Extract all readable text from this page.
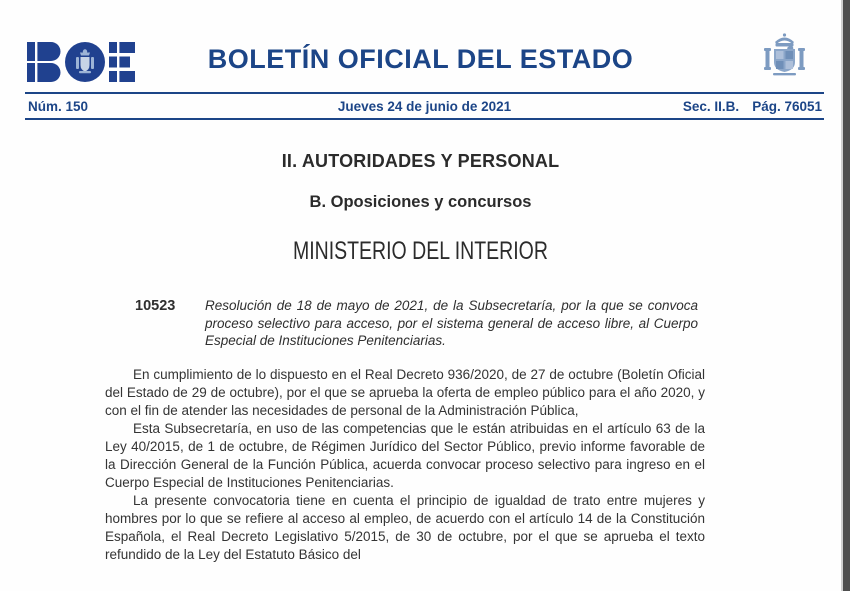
BOLETÍN OFICIAL DEL ESTADO
Núm. 150	Jueves 24 de junio de 2021	Sec. II.B. Pág. 76051
II. AUTORIDADES Y PERSONAL
B. Oposiciones y concursos
MINISTERIO DEL INTERIOR
10523	Resolución de 18 de mayo de 2021, de la Subsecretaría, por la que se convoca proceso selectivo para acceso, por el sistema general de acceso libre, al Cuerpo Especial de Instituciones Penitenciarias.

En cumplimiento de lo dispuesto en el Real Decreto 936/2020, de 27 de octubre (Boletín Oficial del Estado de 29 de octubre), por el que se aprueba la oferta de empleo público para el año 2020, y con el fin de atender las necesidades de personal de la Administración Pública,

Esta Subsecretaría, en uso de las competencias que le están atribuidas en el artículo 63 de la Ley 40/2015, de 1 de octubre, de Régimen Jurídico del Sector Público, previo informe favorable de la Dirección General de la Función Pública, acuerda convocar proceso selectivo para ingreso en el Cuerpo Especial de Instituciones Penitenciarias.

La presente convocatoria tiene en cuenta el principio de igualdad de trato entre mujeres y hombres por lo que se refiere al acceso al empleo, de acuerdo con el artículo 14 de la Constitución Española, el Real Decreto Legislativo 5/2015, de 30 de octubre, por el que se aprueba el texto refundido de la Ley del Estatuto Básico del
